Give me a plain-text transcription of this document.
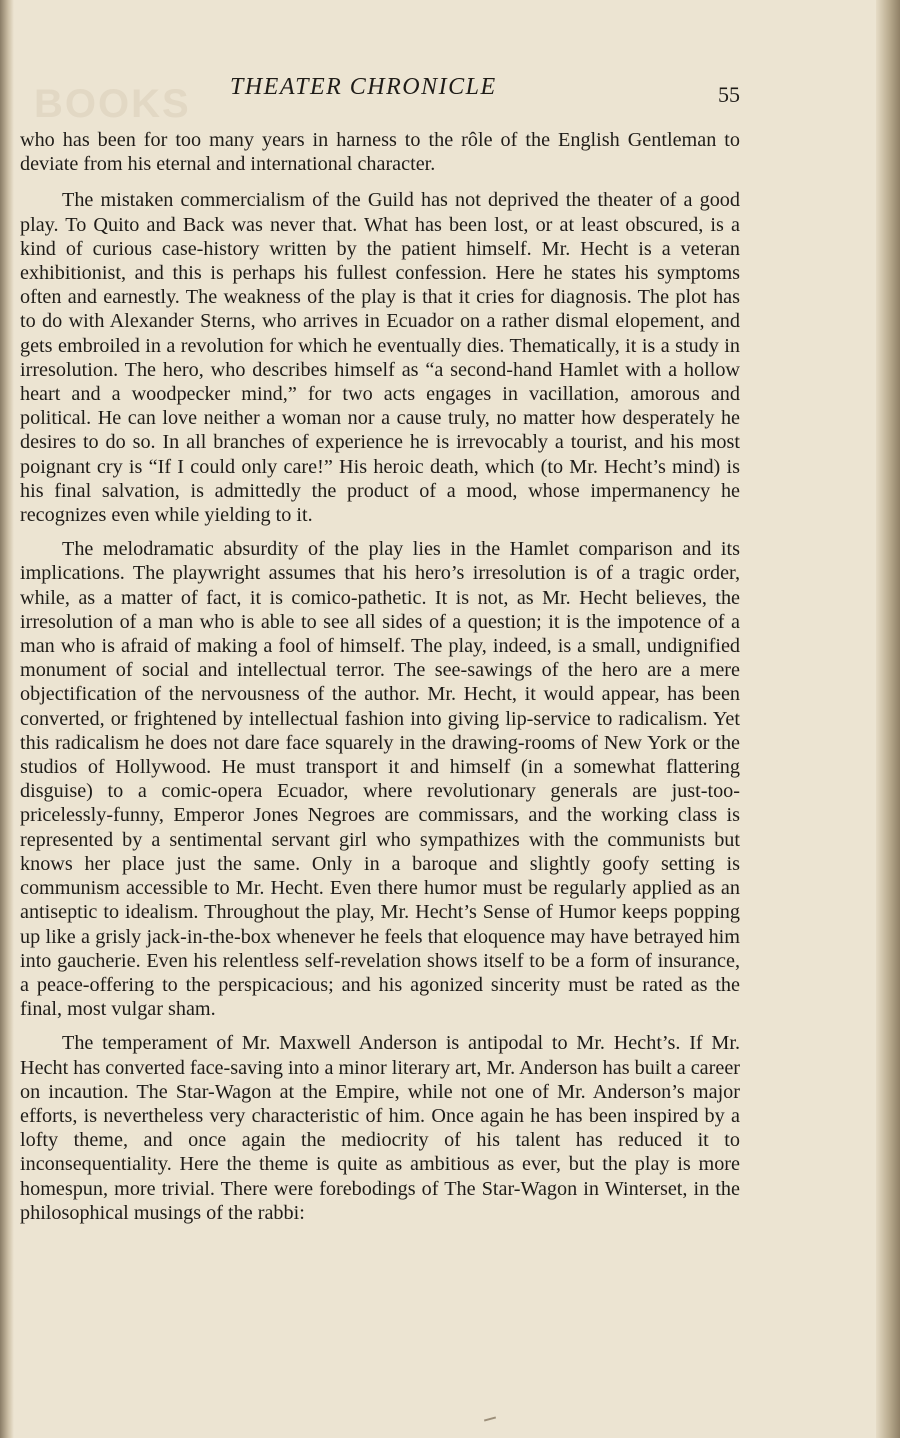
BOOKS THEATER CHRONICLE	55

who has been for too many years in harness to the rôle of the English Gentleman to deviate from his eternal and international character.

The mistaken commercialism of the Guild has not deprived the theater of a good play. To Quito and Back was never that. What has been lost, or at least obscured, is a kind of curious case-history written by the patient himself. Mr. Hecht is a veteran exhibitionist, and this is perhaps his fullest confession. Here he states his symptoms often and earnestly. The weakness of the play is that it cries for diagnosis. The plot has to do with Alexander Sterns, who arrives in Ecuador on a rather dismal elopement, and gets embroiled in a revolution for which he eventually dies. Thematically, it is a study in irresolution. The hero, who describes himself as “a second-hand Hamlet with a hollow heart and a woodpecker mind,” for two acts engages in vacillation, amorous and political. He can love neither a woman nor a cause truly, no matter how desperately he desires to do so. In all branches of experience he is irrevocably a tourist, and his most poignant cry is “If I could only care!” His heroic death, which (to Mr. Hecht’s mind) is his final salvation, is admittedly the product of a mood, whose impermanency he recognizes even while yielding to it.

The melodramatic absurdity of the play lies in the Hamlet comparison and its implications. The playwright assumes that his hero’s irresolution is of a tragic order, while, as a matter of fact, it is comico-pathetic. It is not, as Mr. Hecht believes, the irresolution of a man who is able to see all sides of a question; it is the impotence of a man who is afraid of making a fool of himself. The play, indeed, is a small, undignified monument of social and intellectual terror. The see-sawings of the hero are a mere objectification of the nervousness of the author. Mr. Hecht, it would appear, has been converted, or frightened by intellectual fashion into giving lip-service to radicalism. Yet this radicalism he does not dare face squarely in the drawing-rooms of New York or the studios of Hollywood. He must transport it and himself (in a somewhat flattering disguise) to a comic-opera Ecuador, where revolutionary generals are just-too-pricelessly-funny, Emperor Jones Negroes are commissars, and the working class is represented by a sentimental servant girl who sympathizes with the communists but knows her place just the same. Only in a baroque and slightly goofy setting is communism accessible to Mr. Hecht. Even there humor must be regularly applied as an antiseptic to idealism. Throughout the play, Mr. Hecht’s Sense of Humor keeps popping up like a grisly jack-in-the-box whenever he feels that eloquence may have betrayed him into gaucherie. Even his relentless self-revelation shows itself to be a form of insurance, a peace-offering to the perspicacious; and his agonized sincerity must be rated as the final, most vulgar sham.

The temperament of Mr. Maxwell Anderson is antipodal to Mr. Hecht’s. If Mr. Hecht has converted face-saving into a minor literary art, Mr. Anderson has built a career on incaution. The Star-Wagon at the Empire, while not one of Mr. Anderson’s major efforts, is nevertheless very characteristic of him. Once again he has been inspired by a lofty theme, and once again the mediocrity of his talent has reduced it to inconsequentiality. Here the theme is quite as ambitious as ever, but the play is more homespun, more trivial. There were forebodings of The Star-Wagon in Winterset, in the philosophical musings of the rabbi:
